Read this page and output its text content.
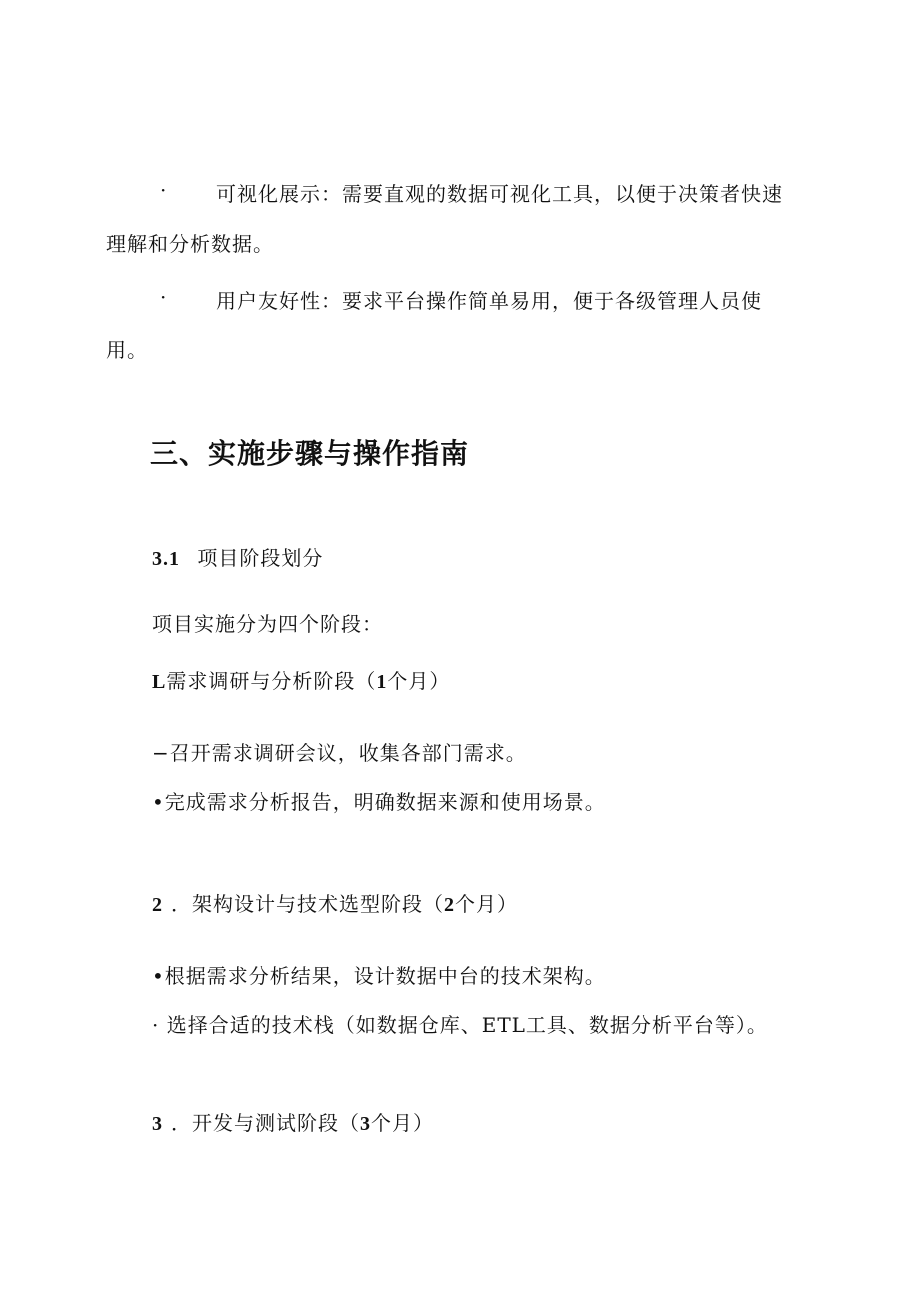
· 可视化展示：需要直观的数据可视化工具，以便于决策者快速
理解和分析数据。
· 用户友好性：要求平台操作简单易用，便于各级管理人员使
用。
三、实施步骤与操作指南
3.1 项目阶段划分
项目实施分为四个阶段：
L需求调研与分析阶段（1个月）
−召开需求调研会议，收集各部门需求。
•完成需求分析报告，明确数据来源和使用场景。
2 ．架构设计与技术选型阶段（2个月）
•根据需求分析结果，设计数据中台的技术架构。
· 选择合适的技术栈（如数据仓库、ETL工具、数据分析平台等）。
3 ．开发与测试阶段（3个月）
